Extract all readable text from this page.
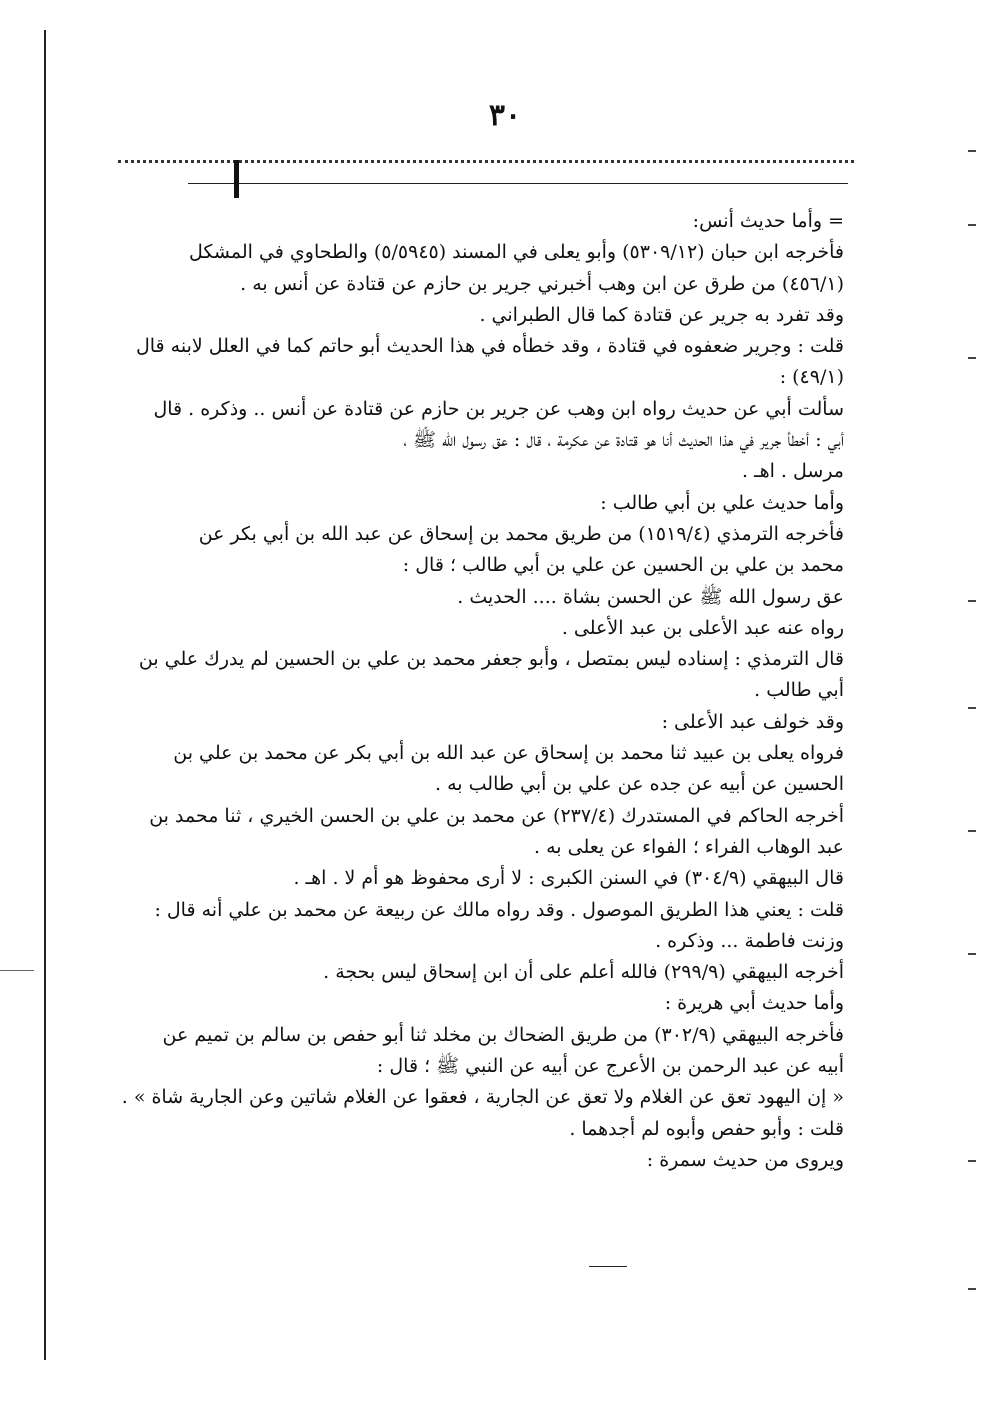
٣٠
= وأما حديث أنس:
فأخرجه ابن حبان (٥٣٠٩/١٢) وأبو يعلى في المسند (٥/٥٩٤٥) والطحاوي في المشكل
(٤٥٦/١) من طرق عن ابن وهب أخبرني جرير بن حازم عن قتادة عن أنس به .
وقد تفرد به جرير عن قتادة كما قال الطبراني .
قلت : وجرير ضعفوه في قتادة ، وقد خطأه في هذا الحديث أبو حاتم كما في العلل لابنه قال
(٤٩/١) :
سألت أبي عن حديث رواه ابن وهب عن جرير بن حازم عن قتادة عن أنس .. وذكره . قال
أبي : أخطأ جرير في هذا الحديث أنا هو قتادة عن عكرمة ، قال : عق رسول الله ﷺ ،
مرسل . اهـ .
وأما حديث علي بن أبي طالب :
فأخرجه الترمذي (١٥١٩/٤) من طريق محمد بن إسحاق عن عبد الله بن أبي بكر عن
محمد بن علي بن الحسين عن علي بن أبي طالب ؛ قال :
عق رسول الله ﷺ عن الحسن بشاة .... الحديث .
رواه عنه عبد الأعلى بن عبد الأعلى .
قال الترمذي : إسناده ليس بمتصل ، وأبو جعفر محمد بن علي بن الحسين لم يدرك علي بن
أبي طالب .
وقد خولف عبد الأعلى :
فرواه يعلى بن عبيد ثنا محمد بن إسحاق عن عبد الله بن أبي بكر عن محمد بن علي بن
الحسين عن أبيه عن جده عن علي بن أبي طالب به .
أخرجه الحاكم في المستدرك (٢٣٧/٤) عن محمد بن علي بن الحسن الخيري ، ثنا محمد بن
عبد الوهاب الفراء ؛ الفواء عن يعلى به .
قال البيهقي (٣٠٤/٩) في السنن الكبرى : لا أرى محفوظ هو أم لا . اهـ .
قلت : يعني هذا الطريق الموصول . وقد رواه مالك عن ربيعة عن محمد بن علي أنه قال :
وزنت فاطمة ... وذكره .
أخرجه البيهقي (٢٩٩/٩) فالله أعلم على أن ابن إسحاق ليس بحجة .
وأما حديث أبي هريرة :
فأخرجه البيهقي (٣٠٢/٩) من طريق الضحاك بن مخلد ثنا أبو حفص بن سالم بن تميم عن
أبيه عن عبد الرحمن بن الأعرج عن أبيه عن النبي ﷺ ؛ قال :
« إن اليهود تعق عن الغلام ولا تعق عن الجارية ، فعقوا عن الغلام شاتين وعن الجارية شاة » .
قلت : وأبو حفص وأبوه لم أجدهما .
ويروى من حديث سمرة :
